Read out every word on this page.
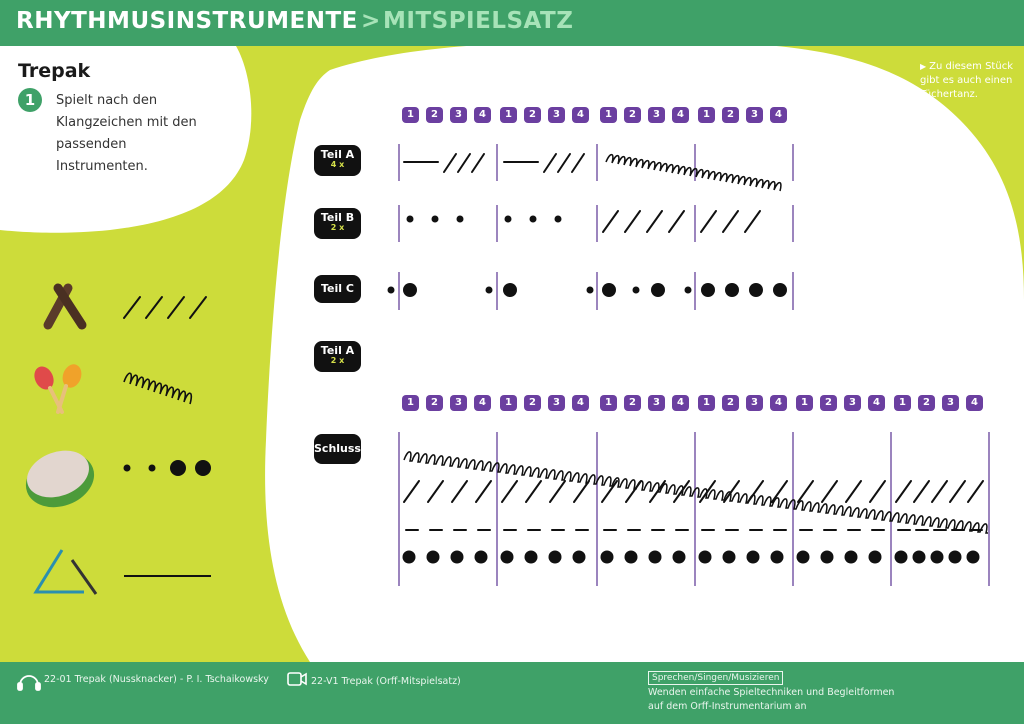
RHYTHMUSINSTRUMENTE > MITSPIELSATZ
Trepak
1	Spielt nach den Klangzeichen mit den passenden Instrumenten.
▶ Zu diesem Stück gibt es auch einen Tüchertanz.
Teil A
4 x
Teil B
2 x
Teil C
Teil A
2 x
Schluss
1	2	3	4	1	2	3	4	1	2	3	4	1	2	3	4
1	2	3	4	1	2	3	4	1	2	3	4	1	2	3	4	1	2	3	4	1	2	3	4
22-01 Trepak (Nussknacker) - P. I. Tschaikowsky	22-V1 Trepak (Orff-Mitspielsatz)	Sprechen/Singen/Musizieren
Wenden einfache Spieltechniken und Begleitformen
auf dem Orff-Instrumentarium an
